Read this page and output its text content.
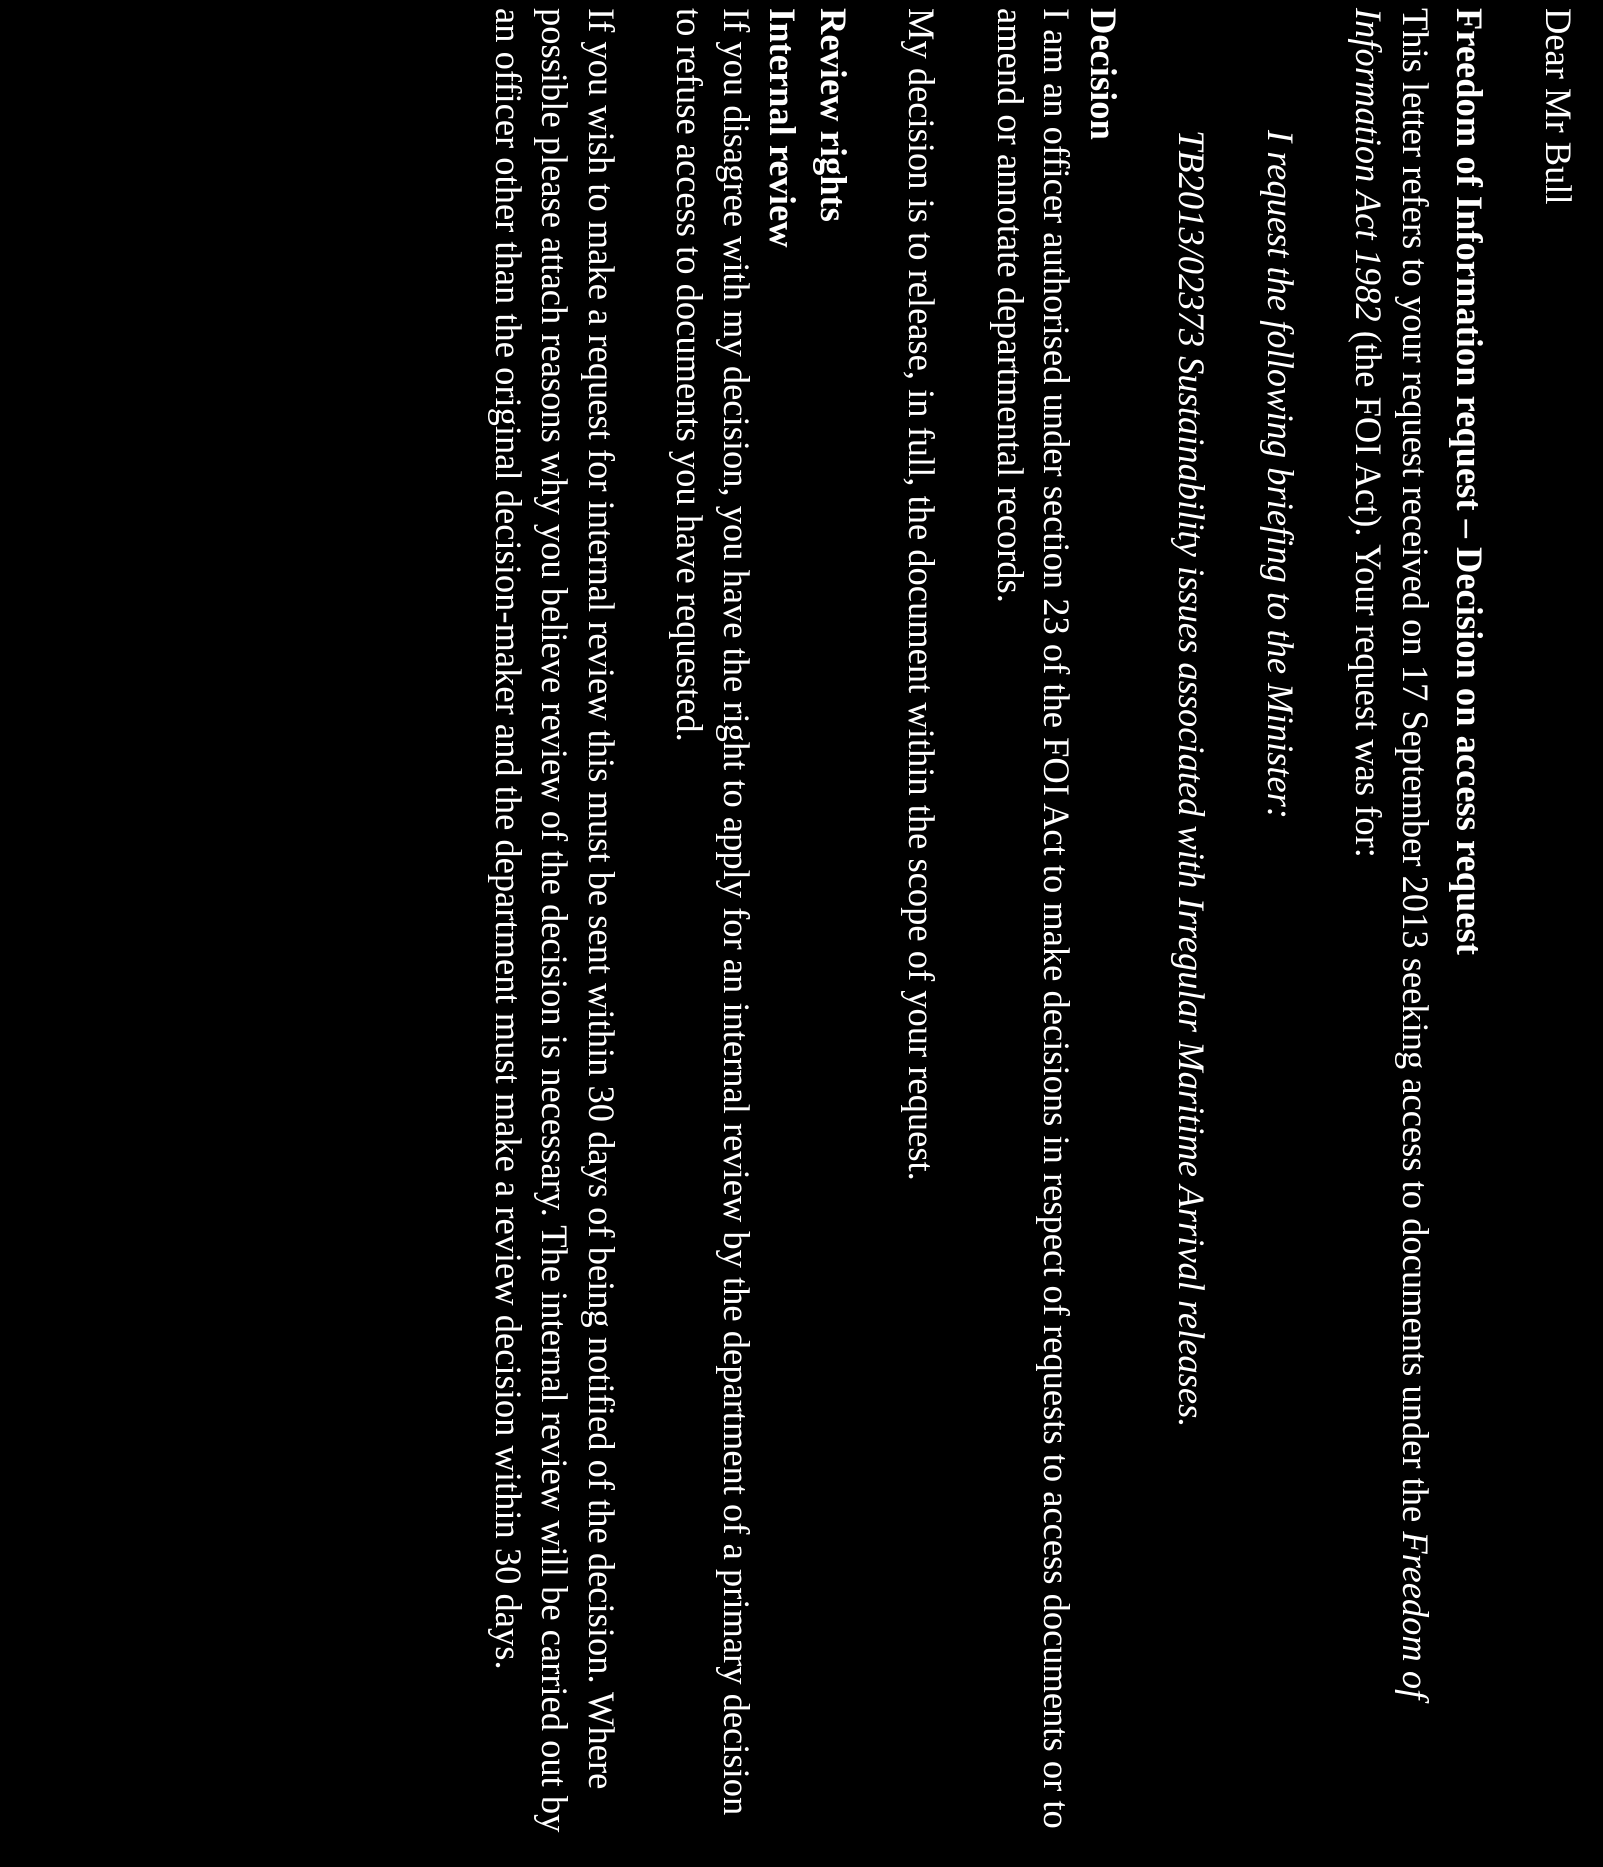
Dear Mr Bull

Freedom of Information request – Decision on access request

This letter refers to your request received on 17 September 2013 seeking access to documents under the Freedom of Information Act 1982 (the FOI Act). Your request was for:

I request the following briefing to the Minister:

TB2013/02373 Sustainability issues associated with Irregular Maritime Arrival releases.

Decision

I am an officer authorised under section 23 of the FOI Act to make decisions in respect of requests to access documents or to amend or annotate departmental records.

My decision is to release, in full, the document within the scope of your request.

Review rights

Internal review

If you disagree with my decision, you have the right to apply for an internal review by the department of a primary decision to refuse access to documents you have requested.

If you wish to make a request for internal review this must be sent within 30 days of being notified of the decision. Where possible please attach reasons why you believe review of the decision is necessary. The internal review will be carried out by an officer other than the original decision-maker and the department must make a review decision within 30 days.
